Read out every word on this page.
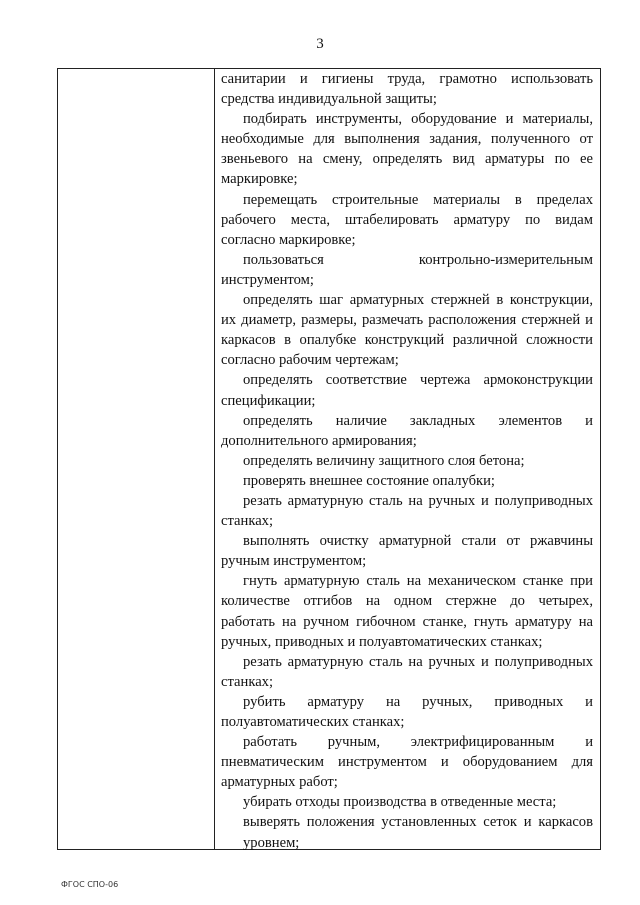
3
санитарии и гигиены труда, грамотно использовать
средства индивидуальной защиты;
подбирать инструменты, оборудование и материалы,
необходимые для выполнения задания, полученного от
звеньевого на смену, определять вид арматуры по ее
маркировке;
перемещать строительные материалы в пределах
рабочего места, штабелировать арматуру по видам
согласно маркировке;
пользоваться контрольно-измерительным
инструментом;
определять шаг арматурных стержней в конструкции,
их диаметр, размеры, размечать расположения стержней и
каркасов в опалубке конструкций различной сложности
согласно рабочим чертежам;
определять соответствие чертежа армоконструкции
спецификации;
определять наличие закладных элементов и
дополнительного армирования;
определять величину защитного слоя бетона;
проверять внешнее состояние опалубки;
резать арматурную сталь на ручных и полуприводных
станках;
выполнять очистку арматурной стали от ржавчины
ручным инструментом;
гнуть арматурную сталь на механическом станке при
количестве отгибов на одном стержне до четырех,
работать на ручном гибочном станке, гнуть арматуру на
ручных, приводных и полуавтоматических станках;
резать арматурную сталь на ручных и полуприводных
станках;
рубить арматуру на ручных, приводных и
полуавтоматических станках;
работать ручным, электрифицированным и
пневматическим инструментом и оборудованием для
арматурных работ;
убирать отходы производства в отведенные места;
выверять положения установленных сеток и каркасов
уровнем;
ФГОС СПО-06
